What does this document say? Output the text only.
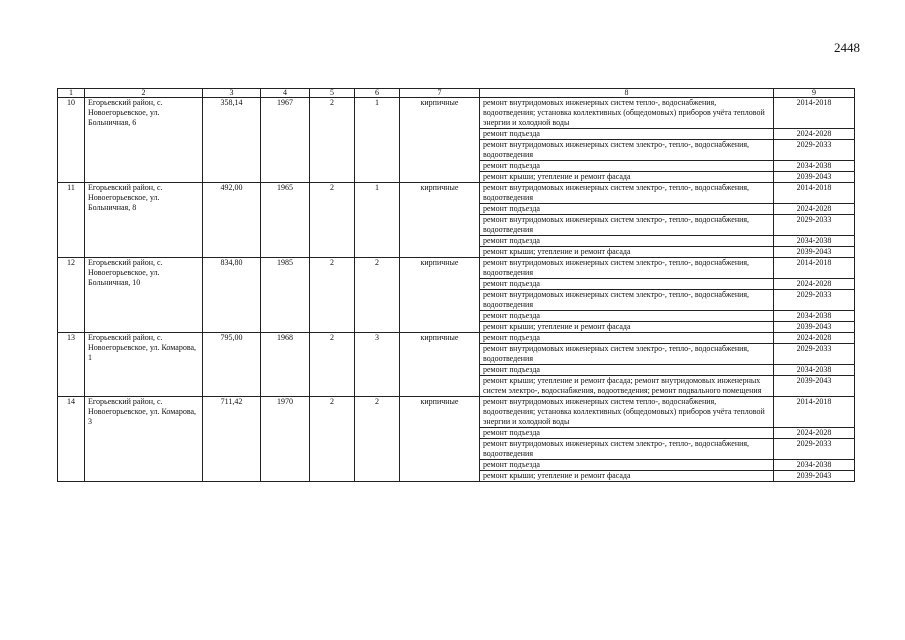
2448
1	2	3	4	5	6	7	8	9
10	Егорьевский район, с. Новоегорьевское, ул. Больничная, 6	358,14	1967	2	1	кирпичные	ремонт внутридомовых инженерных систем тепло-, водоснабжения, водоотведения; установка коллективных (общедомовых) приборов учёта тепловой энергии и холодной воды	2014-2018
							ремонт подъезда	2024-2028
							ремонт внутридомовых инженерных систем электро-, тепло-, водоснабжения, водоотведения	2029-2033
							ремонт подъезда	2034-2038
							ремонт крыши; утепление и ремонт фасада	2039-2043
11	Егорьевский район, с. Новоегорьевское, ул. Больничная, 8	492,00	1965	2	1	кирпичные	ремонт внутридомовых инженерных систем электро-, тепло-, водоснабжения, водоотведения	2014-2018
							ремонт подъезда	2024-2028
							ремонт внутридомовых инженерных систем электро-, тепло-, водоснабжения, водоотведения	2029-2033
							ремонт подъезда	2034-2038
							ремонт крыши; утепление и ремонт фасада	2039-2043
12	Егорьевский район, с. Новоегорьевское, ул. Больничная, 10	834,80	1985	2	2	кирпичные	ремонт внутридомовых инженерных систем электро-, тепло-, водоснабжения, водоотведения	2014-2018
							ремонт подъезда	2024-2028
							ремонт внутридомовых инженерных систем электро-, тепло-, водоснабжения, водоотведения	2029-2033
							ремонт подъезда	2034-2038
							ремонт крыши; утепление и ремонт фасада	2039-2043
13	Егорьевский район, с. Новоегорьевское, ул. Комарова, 1	795,00	1968	2	3	кирпичные	ремонт подъезда	2024-2028
							ремонт внутридомовых инженерных систем электро-, тепло-, водоснабжения, водоотведения	2029-2033
							ремонт подъезда	2034-2038
							ремонт крыши; утепление и ремонт фасада; ремонт внутридомовых инженерных систем электро-, водоснабжения, водоотведения; ремонт подвального помещения	2039-2043
14	Егорьевский район, с. Новоегорьевское, ул. Комарова, 3	711,42	1970	2	2	кирпичные	ремонт внутридомовых инженерных систем тепло-, водоснабжения, водоотведения; установка коллективных (общедомовых) приборов учёта тепловой энергии и холодной воды	2014-2018
							ремонт подъезда	2024-2028
							ремонт внутридомовых инженерных систем электро-, тепло-, водоснабжения, водоотведения	2029-2033
							ремонт подъезда	2034-2038
							ремонт крыши; утепление и ремонт фасада	2039-2043
